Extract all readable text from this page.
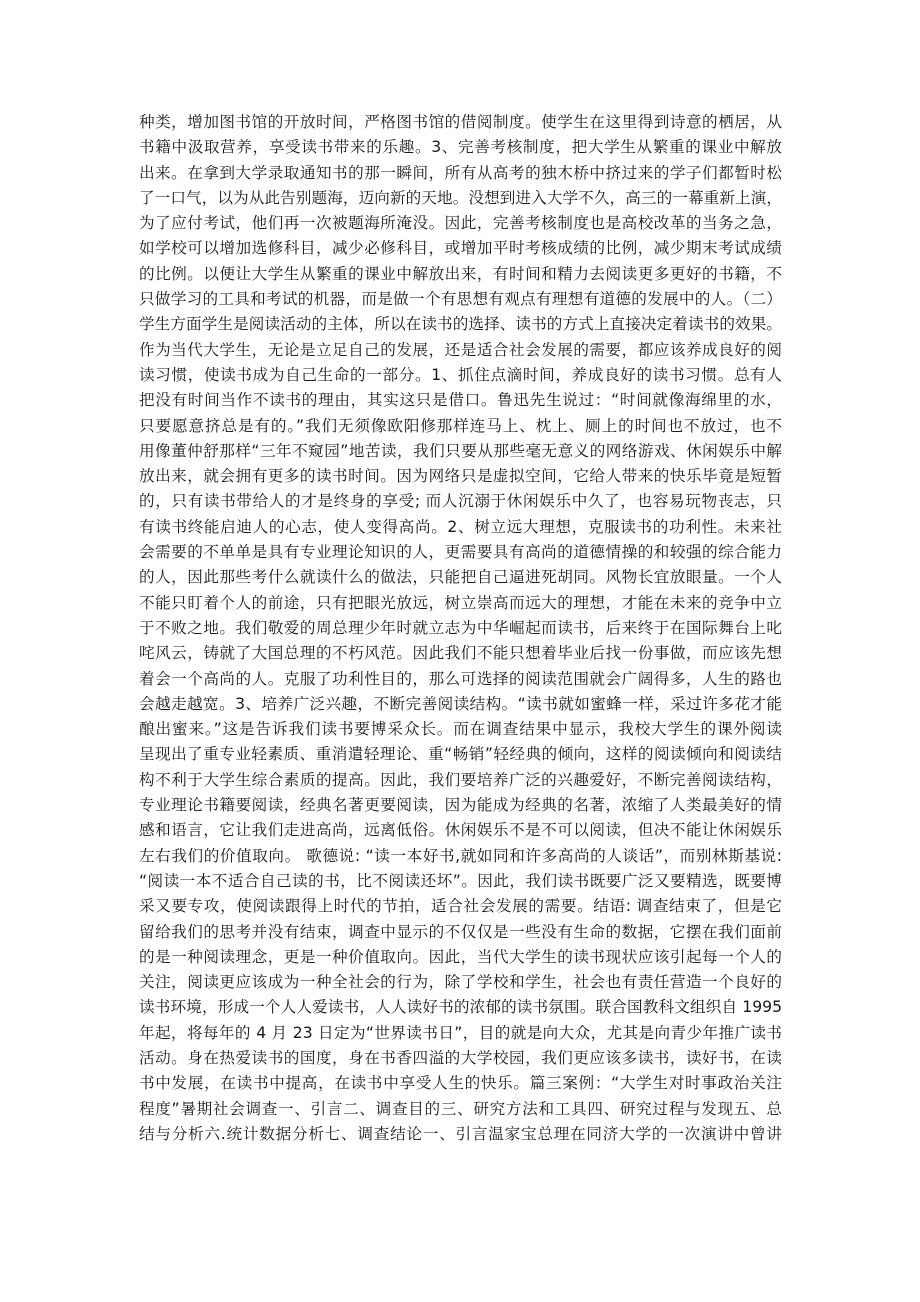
种类，增加图书馆的开放时间，严格图书馆的借阅制度。使学生在这里得到诗意的栖居，从
书籍中汲取营养，享受读书带来的乐趣。3、完善考核制度，把大学生从繁重的课业中解放
出来。在拿到大学录取通知书的那一瞬间，所有从高考的独木桥中挤过来的学子们都暂时松
了一口气，以为从此告别题海，迈向新的天地。没想到进入大学不久，高三的一幕重新上演，
为了应付考试，他们再一次被题海所淹没。因此，完善考核制度也是高校改革的当务之急，
如学校可以增加选修科目，减少必修科目，或增加平时考核成绩的比例，减少期末考试成绩
的比例。以便让大学生从繁重的课业中解放出来，有时间和精力去阅读更多更好的书籍，不
只做学习的工具和考试的机器，而是做一个有思想有观点有理想有道德的发展中的人。（二）
学生方面学生是阅读活动的主体，所以在读书的选择、读书的方式上直接决定着读书的效果。
作为当代大学生，无论是立足自己的发展，还是适合社会发展的需要，都应该养成良好的阅
读习惯，使读书成为自己生命的一部分。1、抓住点滴时间，养成良好的读书习惯。总有人
把没有时间当作不读书的理由，其实这只是借口。鲁迅先生说过：“时间就像海绵里的水，
只要愿意挤总是有的。”我们无须像欧阳修那样连马上、枕上、厕上的时间也不放过，也不
用像董仲舒那样“三年不窥园”地苦读，我们只要从那些毫无意义的网络游戏、休闲娱乐中解
放出来，就会拥有更多的读书时间。因为网络只是虚拟空间，它给人带来的快乐毕竟是短暂
的，只有读书带给人的才是终身的享受; 而人沉溺于休闲娱乐中久了，也容易玩物丧志，只
有读书终能启迪人的心志，使人变得高尚。2、树立远大理想，克服读书的功利性。未来社
会需要的不单单是具有专业理论知识的人，更需要具有高尚的道德情操的和较强的综合能力
的人，因此那些考什么就读什么的做法，只能把自己逼进死胡同。风物长宜放眼量。一个人
不能只盯着个人的前途，只有把眼光放远，树立崇高而远大的理想，才能在未来的竞争中立
于不败之地。我们敬爱的周总理少年时就立志为中华崛起而读书，后来终于在国际舞台上叱
咤风云，铸就了大国总理的不朽风范。因此我们不能只想着毕业后找一份事做，而应该先想
着会一个高尚的人。克服了功利性目的，那么可选择的阅读范围就会广阔得多，人生的路也
会越走越宽。3、培养广泛兴趣，不断完善阅读结构。“读书就如蜜蜂一样，采过许多花才能
酿出蜜来。”这是告诉我们读书要博采众长。而在调查结果中显示，我校大学生的课外阅读
呈现出了重专业轻素质、重消遣轻理论、重“畅销”轻经典的倾向，这样的阅读倾向和阅读结
构不利于大学生综合素质的提高。因此，我们要培养广泛的兴趣爱好，不断完善阅读结构，
专业理论书籍要阅读，经典名著更要阅读，因为能成为经典的名著，浓缩了人类最美好的情
感和语言，它让我们走进高尚，远离低俗。休闲娱乐不是不可以阅读，但决不能让休闲娱乐
左右我们的价值取向。 歌德说: “读一本好书,就如同和许多高尚的人谈话”，而别林斯基说:
“阅读一本不适合自己读的书，比不阅读还坏”。因此，我们读书既要广泛又要精选，既要博
采又要专攻，使阅读跟得上时代的节拍，适合社会发展的需要。结语: 调查结束了，但是它
留给我们的思考并没有结束，调查中显示的不仅仅是一些没有生命的数据，它摆在我们面前
的是一种阅读理念，更是一种价值取向。因此，当代大学生的读书现状应该引起每一个人的
关注，阅读更应该成为一种全社会的行为，除了学校和学生，社会也有责任营造一个良好的
读书环境，形成一个人人爱读书，人人读好书的浓郁的读书氛围。联合国教科文组织自 1995
年起，将每年的 4 月 23 日定为“世界读书日”，目的就是向大众，尤其是向青少年推广读书
活动。身在热爱读书的国度，身在书香四溢的大学校园，我们更应该多读书，读好书，在读
书中发展，在读书中提高，在读书中享受人生的快乐。篇三案例：“大学生对时事政治关注
程度”暑期社会调查一、引言二、调查目的三、研究方法和工具四、研究过程与发现五、总
结与分析六.统计数据分析七、调查结论一、引言温家宝总理在同济大学的一次演讲中曾讲
